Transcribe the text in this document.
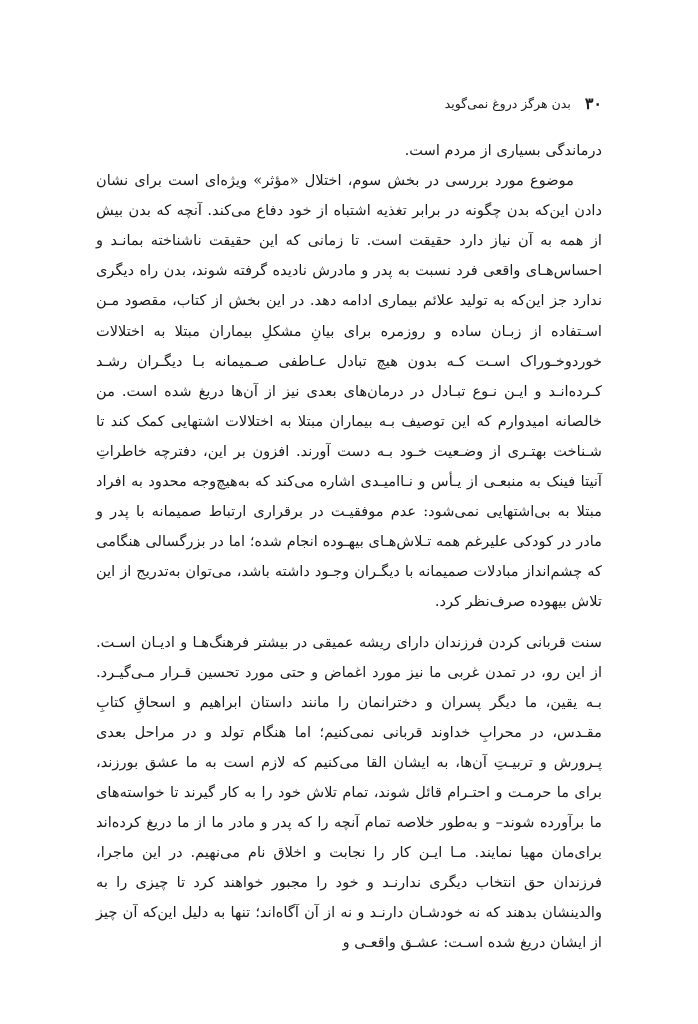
۳۰
بدن هرگز دروغ نمی‌گوید

درماندگی بسیاری از مردم است.

موضوع مورد بررسی در بخش سوم، اختلال «مؤثر» ویژه‌ای است برای نشان دادن این‌که بدن چگونه در برابر تغذیه اشتباه از خود دفاع می‌کند. آنچه که بدن بیش از همه به آن نیاز دارد حقیقت است. تا زمانی که این حقیقت ناشناخته بمانـد و احساس‌هـای واقعی فرد نسبت به پدر و مادرش نادیده گرفته شوند، بدن راه دیگری ندارد جز این‌که به تولید علائم بیماری ادامه دهد. در این بخش از کتاب، مقصود مـن اسـتفاده از زبـان ساده و روزمره برای بیانِ مشکلِ بیماران مبتلا به اختلالات خوردوخـوراک اسـت کـه بدون هیچ تبادل عـاطفی صـمیمانه بـا دیگـران رشـد کـرده‌انـد و ایـن نـوع تبـادل در درمان‌های بعدی نیز از آن‌ها دریغ شده است. من خالصانه امیدوارم که این توصیف بـه بیماران مبتلا به اختلالات اشتهایی کمک کند تا شـناخت بهتـری از وضـعیت خـود بـه دست آورند. افزون بر این، دفترچه خاطراتِ آنیتا فینک به منبعـی از یـأس و نـاامیـدی اشاره می‌کند که به‌هیچ‌وجه محدود به افراد مبتلا به بی‌اشتهایی نمی‌شود: عدم موفقیـت در برقراری ارتباط صمیمانه با پدر و مادر در کودکی علیرغم همه تـلاش‌هـای بیهـوده انجام شده؛ اما در بزرگسالی هنگامی که چشم‌انداز مبادلات صمیمانه با دیگـران وجـود داشته باشد، می‌توان به‌تدریج از این تلاش بیهوده صرف‌نظر کرد.

سنت قربانی کردن فرزندان دارای ریشه عمیقی در بیشتر فرهنگ‌هـا و ادیـان اسـت. از این رو، در تمدن غربی ما نیز مورد اغماض و حتی مورد تحسین قـرار مـی‌گیـرد. بـه یقین، ما دیگر پسران و دخترانمان را مانند داستان ابراهیم و اسحاقِ کتابِ مقـدس، در محرابِ خداوند قربانی نمی‌کنیم؛ اما هنگام تولد و در مراحل بعدی پـرورش و تربیـتِ آن‌ها، به ایشان القا می‌کنیم که لازم است به ما عشق بورزند، برای ما حرمـت و احتـرام قائل شوند، تمام تلاش خود را به کار گیرند تا خواسته‌های ما برآورده شوند– و به‌طور خلاصه تمام آنچه را که پدر و مادر ما از ما دریغ کرده‌اند برای‌مان مهیا نمایند. مـا ایـن کار را نجابت و اخلاق نام می‌نهیم. در این ماجرا، فرزندان حق انتخاب دیگری ندارنـد و خود را مجبور خواهند کرد تا چیزی را به والدینشان بدهند که نه خودشـان دارنـد و نه از آن آگاه‌اند؛ تنها به دلیل این‌که آن چیز از ایشان دریغ شده اسـت: عشـق واقعـی و
